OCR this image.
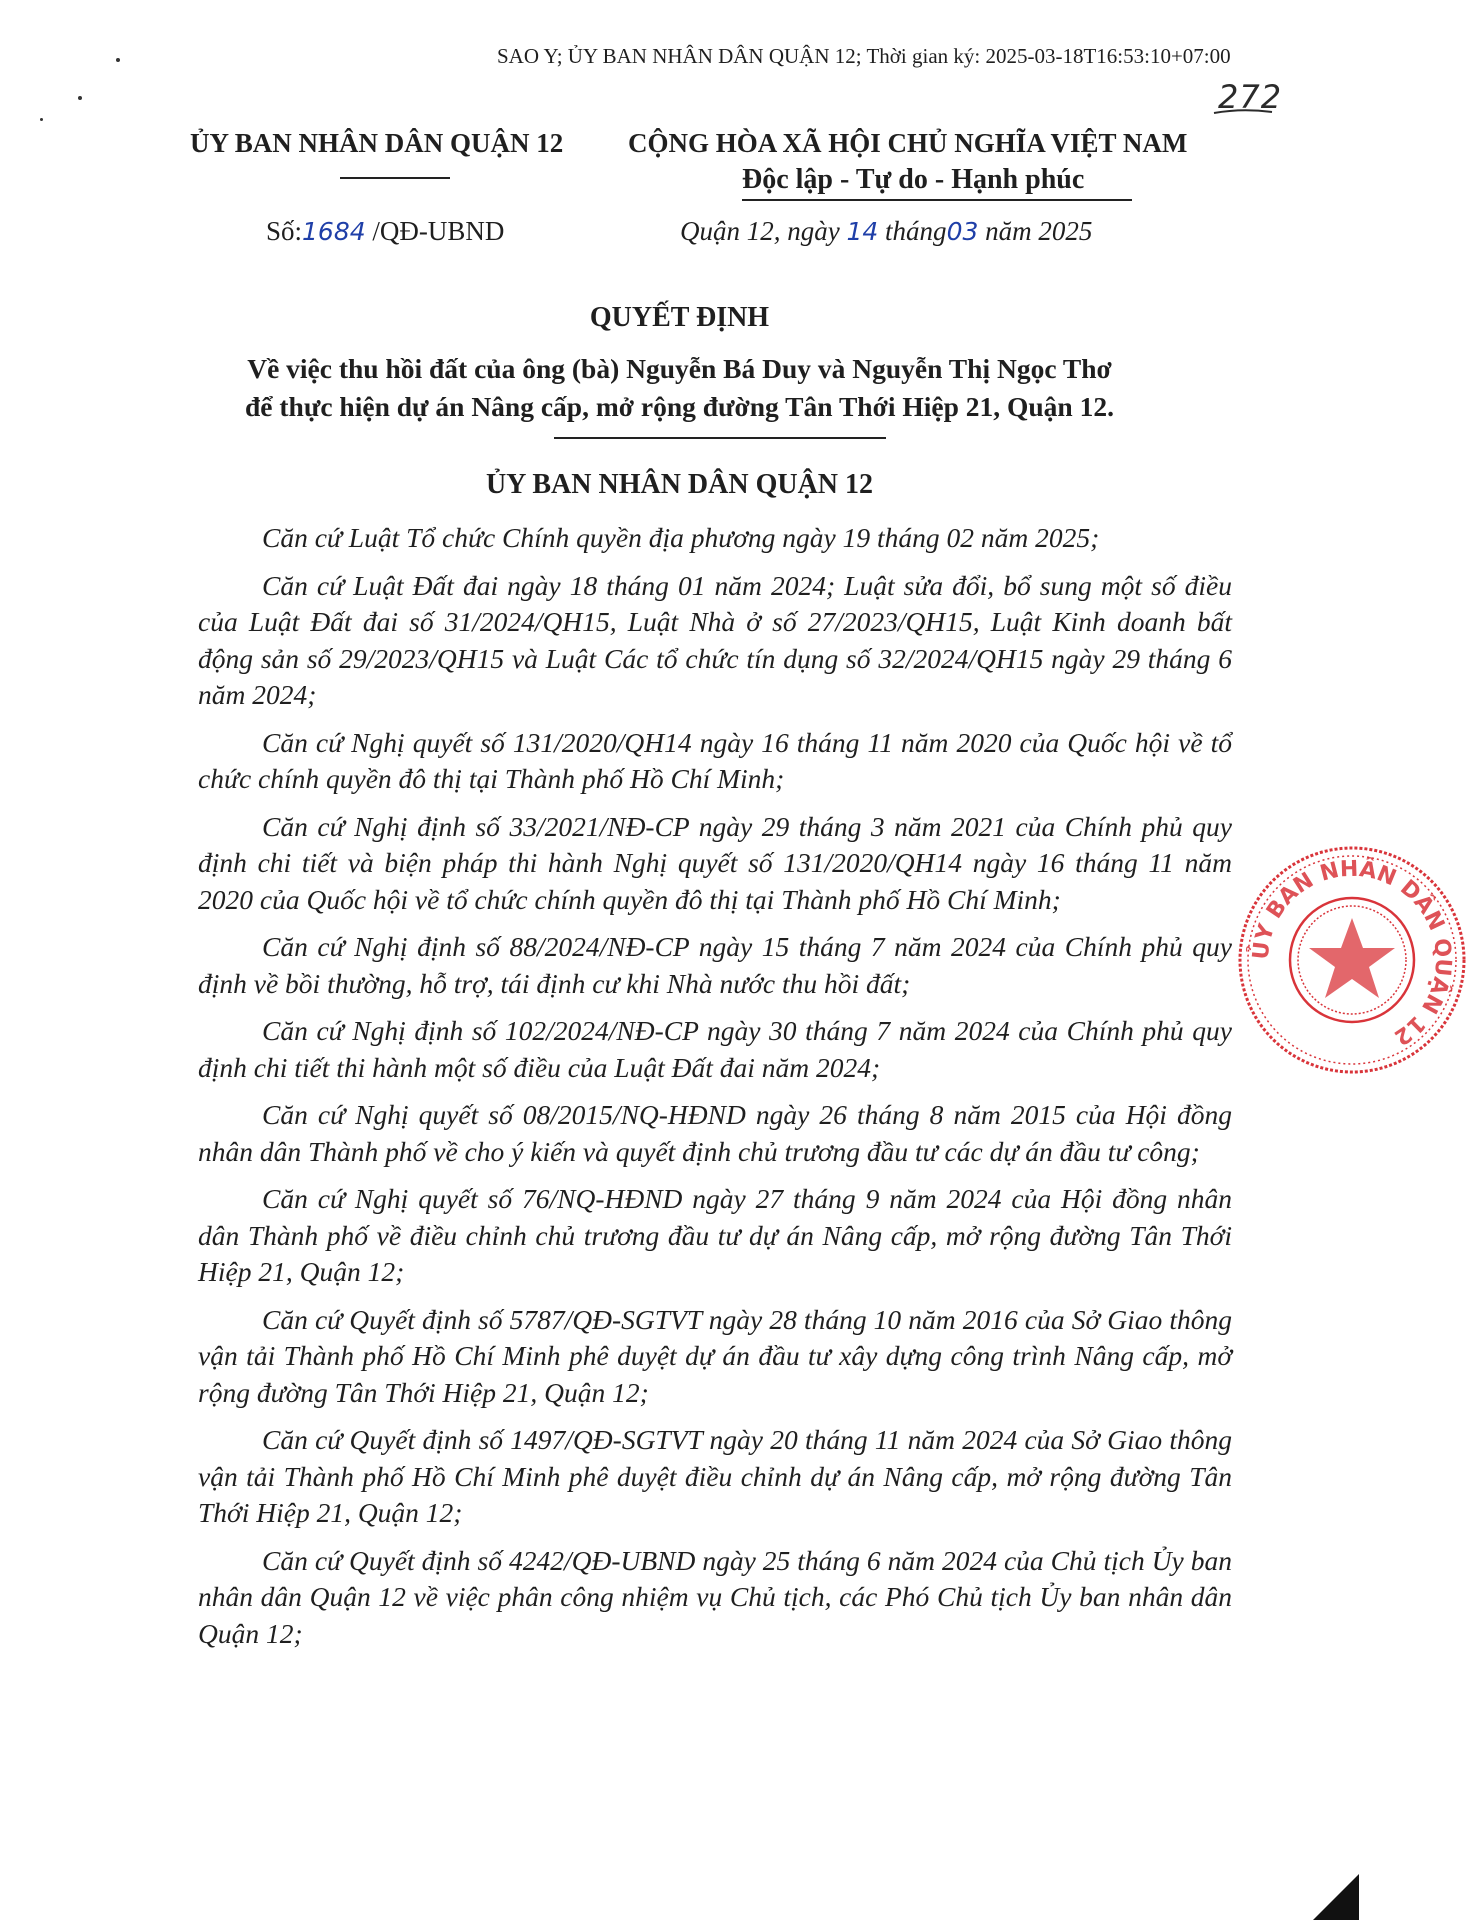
SAO Y; ỦY BAN NHÂN DÂN QUẬN 12; Thời gian ký: 2025-03-18T16:53:10+07:00
272
ỦY BAN NHÂN DÂN QUẬN 12 CỘNG HÒA XÃ HỘI CHỦ NGHĨA VIỆT NAM
Độc lập - Tự do - Hạnh phúc
Số:1684 /QĐ-UBND	Quận 12, ngày 14 tháng03 năm 2025
QUYẾT ĐỊNH
Về việc thu hồi đất của ông (bà) Nguyễn Bá Duy và Nguyễn Thị Ngọc Thơ
để thực hiện dự án Nâng cấp, mở rộng đường Tân Thới Hiệp 21, Quận 12.
ỦY BAN NHÂN DÂN QUẬN 12

Căn cứ Luật Tổ chức Chính quyền địa phương ngày 19 tháng 02 năm 2025;

Căn cứ Luật Đất đai ngày 18 tháng 01 năm 2024; Luật sửa đổi, bổ sung một số điều của Luật Đất đai số 31/2024/QH15, Luật Nhà ở số 27/2023/QH15, Luật Kinh doanh bất động sản số 29/2023/QH15 và Luật Các tổ chức tín dụng số 32/2024/QH15 ngày 29 tháng 6 năm 2024;

Căn cứ Nghị quyết số 131/2020/QH14 ngày 16 tháng 11 năm 2020 của Quốc hội về tổ chức chính quyền đô thị tại Thành phố Hồ Chí Minh;

Căn cứ Nghị định số 33/2021/NĐ-CP ngày 29 tháng 3 năm 2021 của Chính phủ quy định chi tiết và biện pháp thi hành Nghị quyết số 131/2020/QH14 ngày 16 tháng 11 năm 2020 của Quốc hội về tổ chức chính quyền đô thị tại Thành phố Hồ Chí Minh;

Căn cứ Nghị định số 88/2024/NĐ-CP ngày 15 tháng 7 năm 2024 của Chính phủ quy định về bồi thường, hỗ trợ, tái định cư khi Nhà nước thu hồi đất;

Căn cứ Nghị định số 102/2024/NĐ-CP ngày 30 tháng 7 năm 2024 của Chính phủ quy định chi tiết thi hành một số điều của Luật Đất đai năm 2024;

Căn cứ Nghị quyết số 08/2015/NQ-HĐND ngày 26 tháng 8 năm 2015 của Hội đồng nhân dân Thành phố về cho ý kiến và quyết định chủ trương đầu tư các dự án đầu tư công;

Căn cứ Nghị quyết số 76/NQ-HĐND ngày 27 tháng 9 năm 2024 của Hội đồng nhân dân Thành phố về điều chỉnh chủ trương đầu tư dự án Nâng cấp, mở rộng đường Tân Thới Hiệp 21, Quận 12;

Căn cứ Quyết định số 5787/QĐ-SGTVT ngày 28 tháng 10 năm 2016 của Sở Giao thông vận tải Thành phố Hồ Chí Minh phê duyệt dự án đầu tư xây dựng công trình Nâng cấp, mở rộng đường Tân Thới Hiệp 21, Quận 12;

Căn cứ Quyết định số 1497/QĐ-SGTVT ngày 20 tháng 11 năm 2024 của Sở Giao thông vận tải Thành phố Hồ Chí Minh phê duyệt điều chỉnh dự án Nâng cấp, mở rộng đường Tân Thới Hiệp 21, Quận 12;

Căn cứ Quyết định số 4242/QĐ-UBND ngày 25 tháng 6 năm 2024 của Chủ tịch Ủy ban nhân dân Quận 12 về việc phân công nhiệm vụ Chủ tịch, các Phó Chủ tịch Ủy ban nhân dân Quận 12;

ỦY BAN NHÂN DÂN QUẬN 12
